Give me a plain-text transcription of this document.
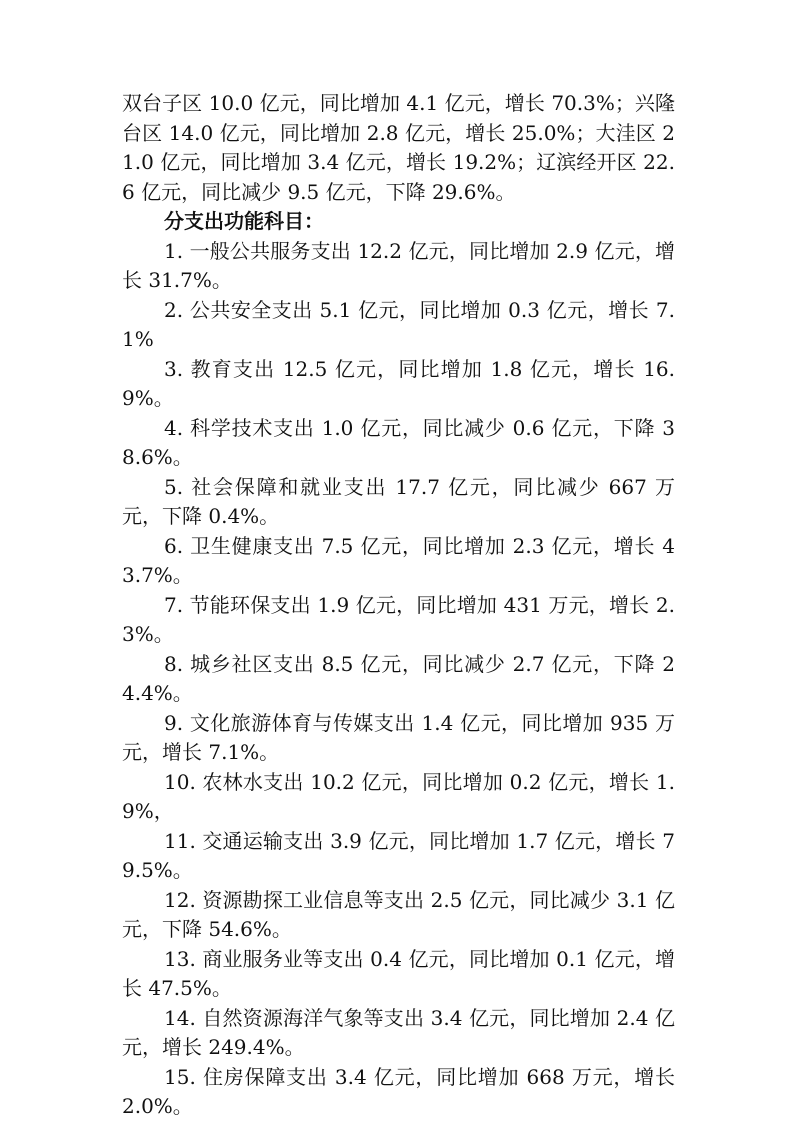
双台子区 10.0 亿元，同比增加 4.1 亿元，增长 70.3%；兴隆台区 14.0 亿元，同比增加 2.8 亿元，增长 25.0%；大洼区 21.0 亿元，同比增加 3.4 亿元，增长 19.2%；辽滨经开区 22.6 亿元，同比减少 9.5 亿元，下降 29.6%。

分支出功能科目：

1. 一般公共服务支出 12.2 亿元，同比增加 2.9 亿元，增长 31.7%。

2. 公共安全支出 5.1 亿元，同比增加 0.3 亿元，增长 7.1%

3. 教育支出 12.5 亿元，同比增加 1.8 亿元，增长 16.9%。

4. 科学技术支出 1.0 亿元，同比减少 0.6 亿元，下降 38.6%。

5. 社会保障和就业支出 17.7 亿元，同比减少 667 万元，下降 0.4%。

6. 卫生健康支出 7.5 亿元，同比增加 2.3 亿元，增长 43.7%。

7. 节能环保支出 1.9 亿元，同比增加 431 万元，增长 2.3%。

8. 城乡社区支出 8.5 亿元，同比减少 2.7 亿元，下降 24.4%。

9. 文化旅游体育与传媒支出 1.4 亿元，同比增加 935 万元，增长 7.1%。

10. 农林水支出 10.2 亿元，同比增加 0.2 亿元，增长 1.9%，

11. 交通运输支出 3.9 亿元，同比增加 1.7 亿元，增长 79.5%。

12. 资源勘探工业信息等支出 2.5 亿元，同比减少 3.1 亿元，下降 54.6%。

13. 商业服务业等支出 0.4 亿元，同比增加 0.1 亿元，增长 47.5%。

14. 自然资源海洋气象等支出 3.4 亿元，同比增加 2.4 亿元，增长 249.4%。

15. 住房保障支出 3.4 亿元，同比增加 668 万元，增长 2.0%。
